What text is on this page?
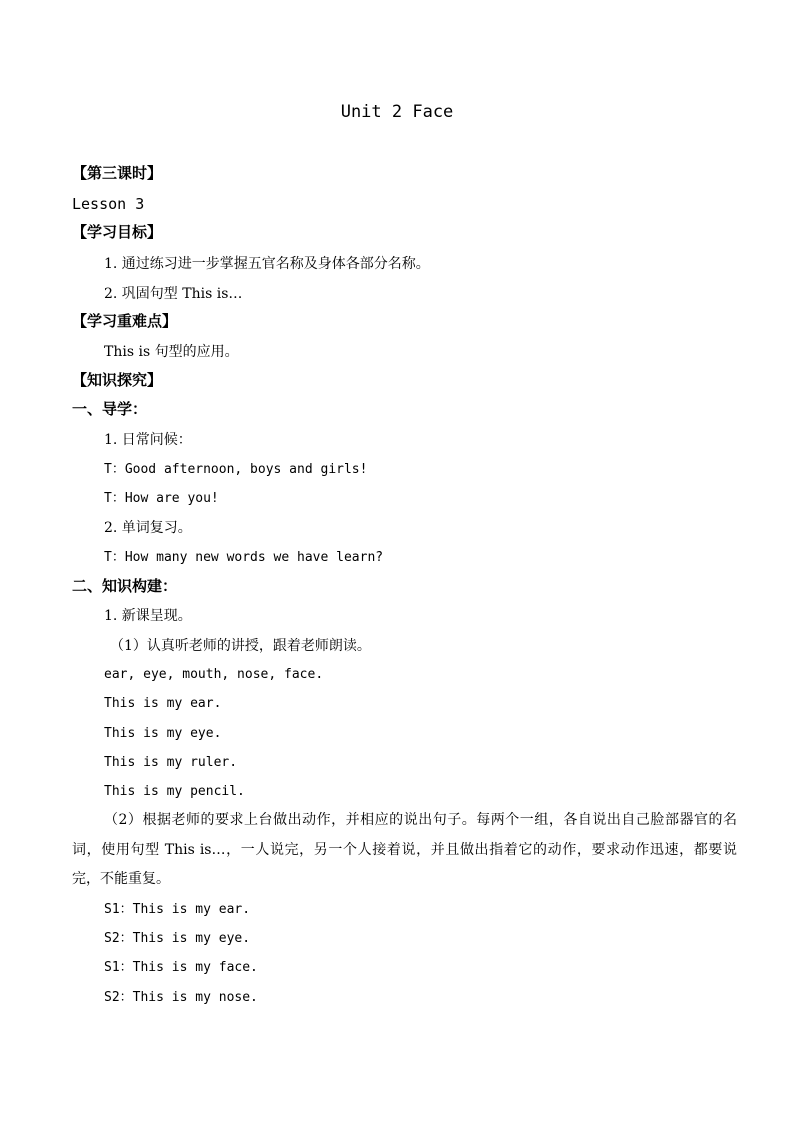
Unit 2 Face
【第三课时】
Lesson 3
【学习目标】
1. 通过练习进一步掌握五官名称及身体各部分名称。
2. 巩固句型 This is…
【学习重难点】
This is 句型的应用。
【知识探究】
一、导学：
1. 日常问候：
T：Good afternoon, boys and girls!
T：How are you!
2. 单词复习。
T：How many new words we have learn?
二、知识构建：
1. 新课呈现。
（1）认真听老师的讲授，跟着老师朗读。
ear, eye, mouth, nose, face.
This is my ear.
This is my eye.
This is my ruler.
This is my pencil.
（2）根据老师的要求上台做出动作，并相应的说出句子。每两个一组，各自说出自己脸部器官的名词，使用句型 This is…，一人说完，另一个人接着说，并且做出指着它的动作，要求动作迅速，都要说完，不能重复。
S1：This is my ear.
S2：This is my eye.
S1：This is my face.
S2：This is my nose.
